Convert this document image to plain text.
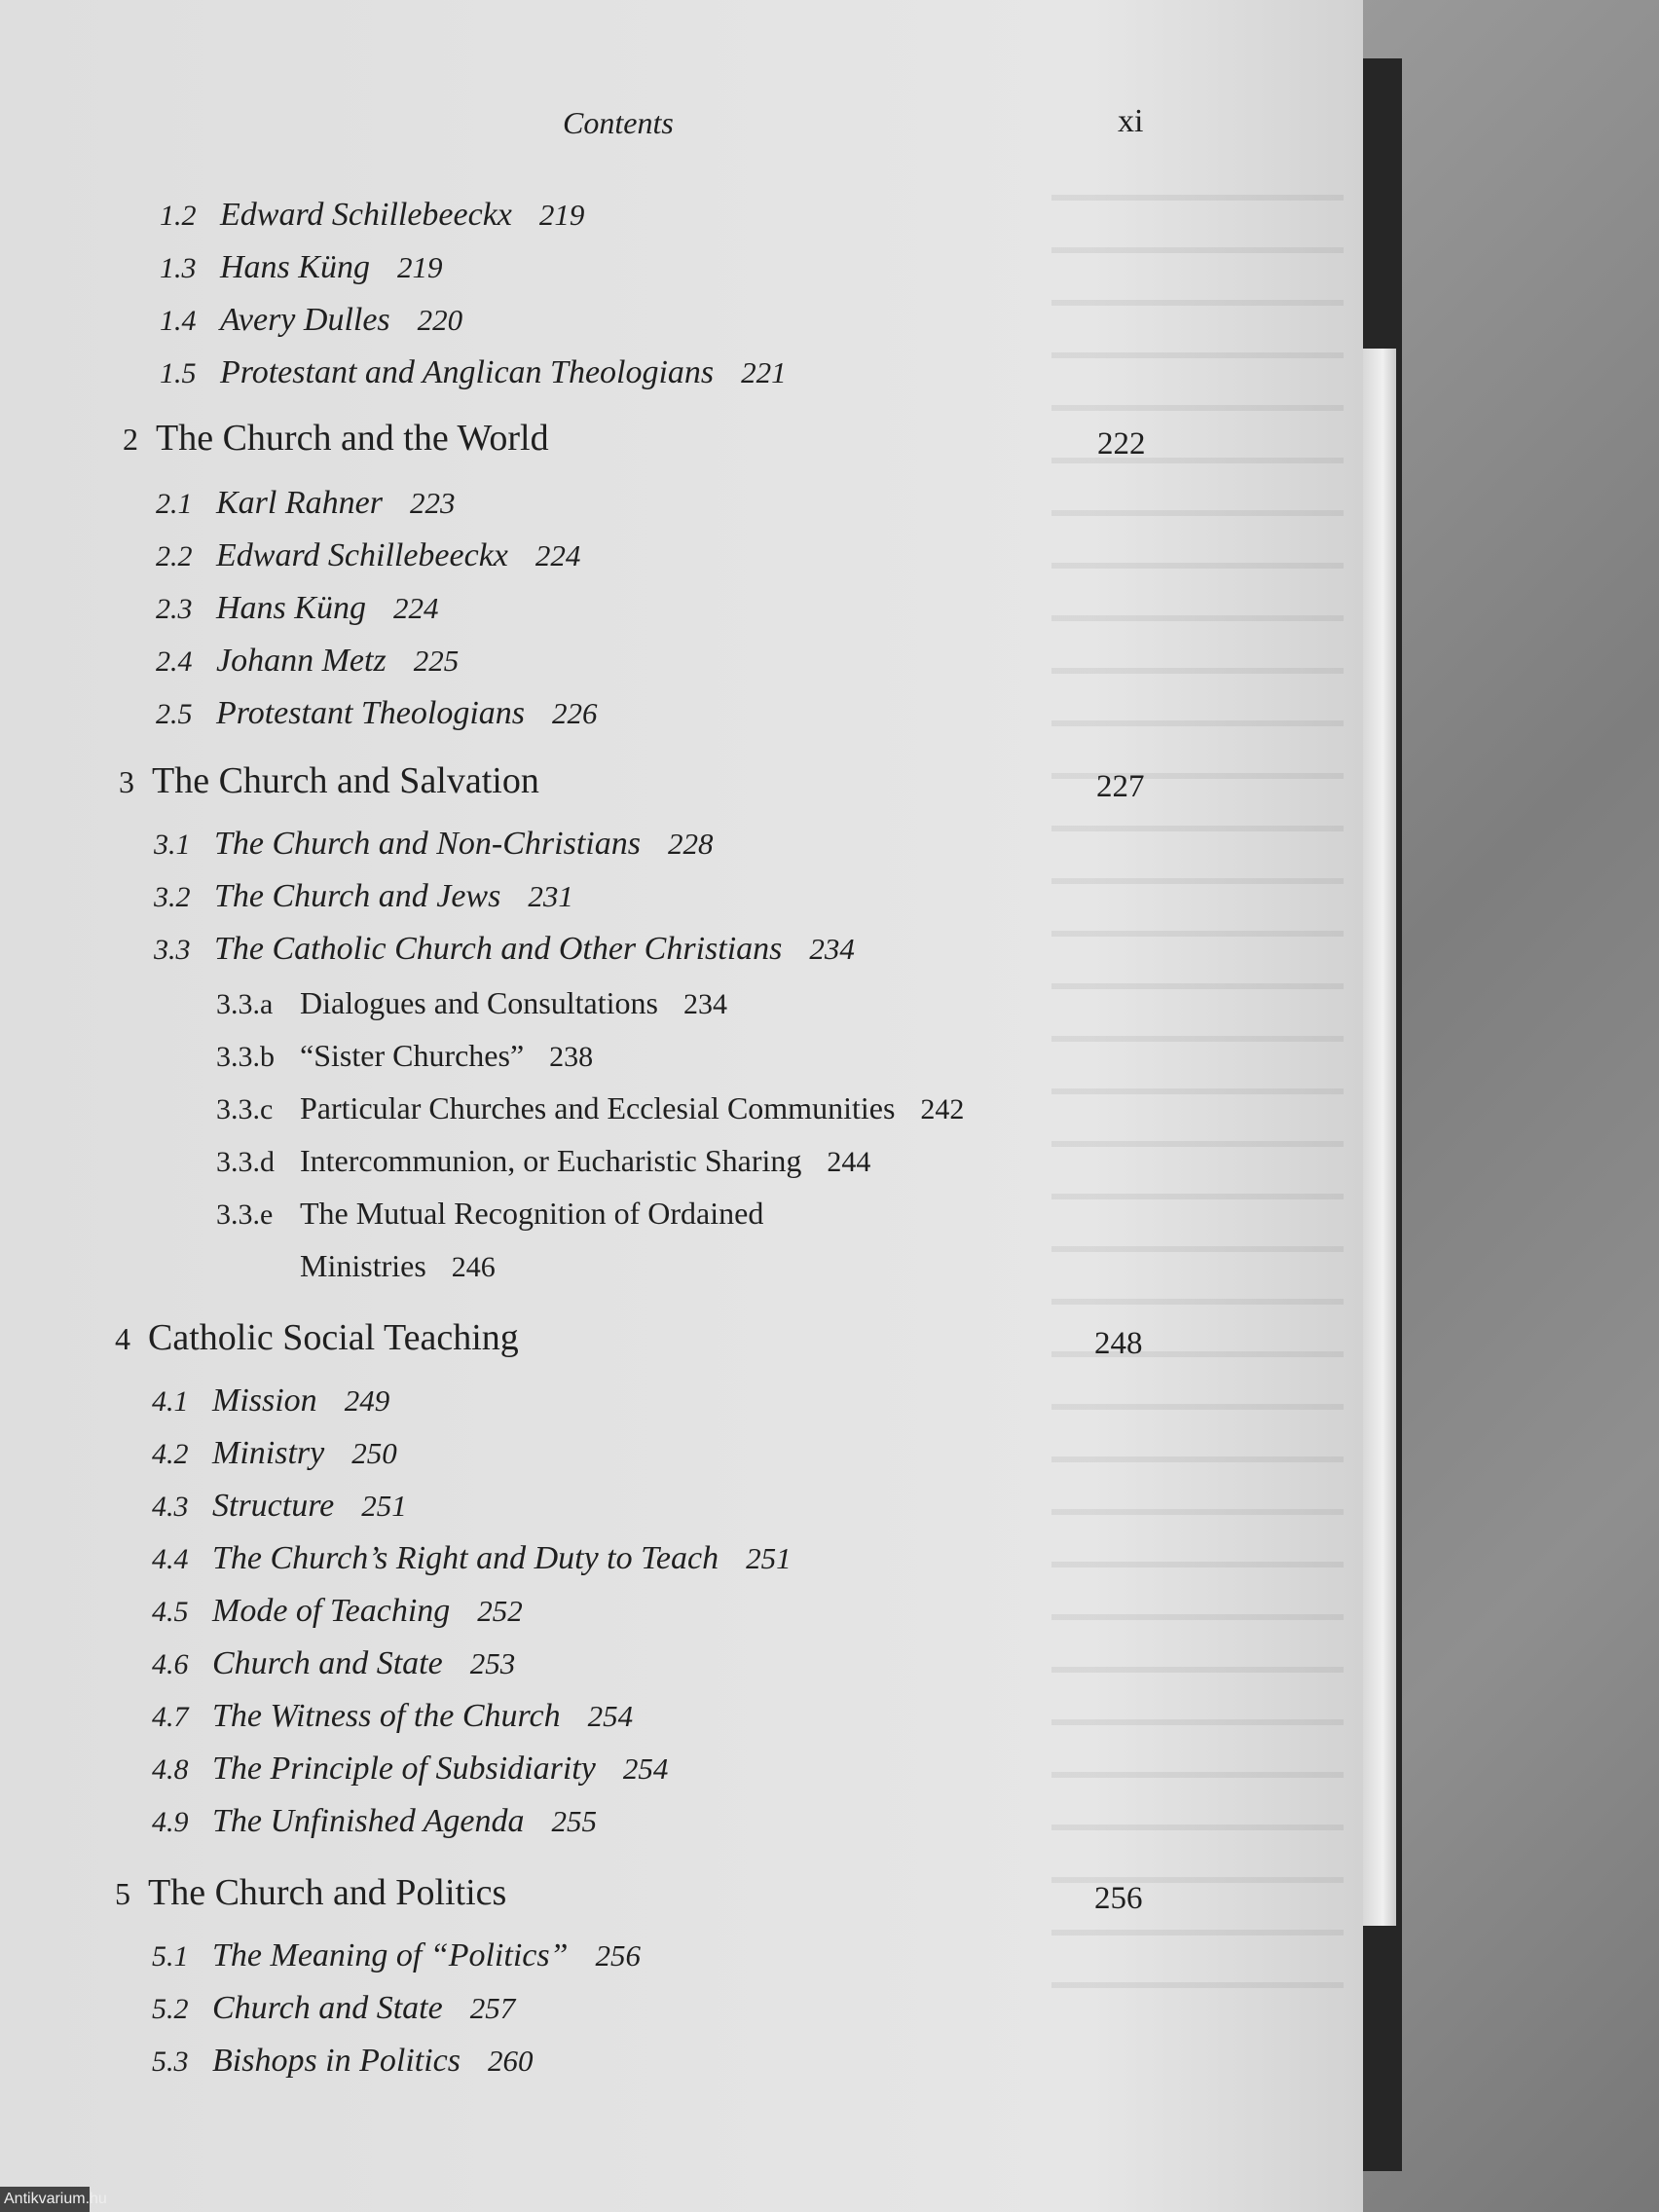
Contents	xi
1.2 Edward Schillebeeckx 219
1.3 Hans Küng 219
1.4 Avery Dulles 220
1.5 Protestant and Anglican Theologians 221
2 The Church and the World	222
2.1 Karl Rahner 223
2.2 Edward Schillebeeckx 224
2.3 Hans Küng 224
2.4 Johann Metz 225
2.5 Protestant Theologians 226
3 The Church and Salvation	227
3.1 The Church and Non-Christians 228
3.2 The Church and Jews 231
3.3 The Catholic Church and Other Christians 234
3.3.a Dialogues and Consultations 234
3.3.b “Sister Churches” 238
3.3.c Particular Churches and Ecclesial Communities 242
3.3.d Intercommunion, or Eucharistic Sharing 244
3.3.e The Mutual Recognition of Ordained
Ministries 246
4 Catholic Social Teaching	248
4.1 Mission 249
4.2 Ministry 250
4.3 Structure 251
4.4 The Church’s Right and Duty to Teach 251
4.5 Mode of Teaching 252
4.6 Church and State 253
4.7 The Witness of the Church 254
4.8 The Principle of Subsidiarity 254
4.9 The Unfinished Agenda 255
5 The Church and Politics	256
5.1 The Meaning of “Politics” 256
5.2 Church and State 257
5.3 Bishops in Politics 260
Antikvarium.hu
